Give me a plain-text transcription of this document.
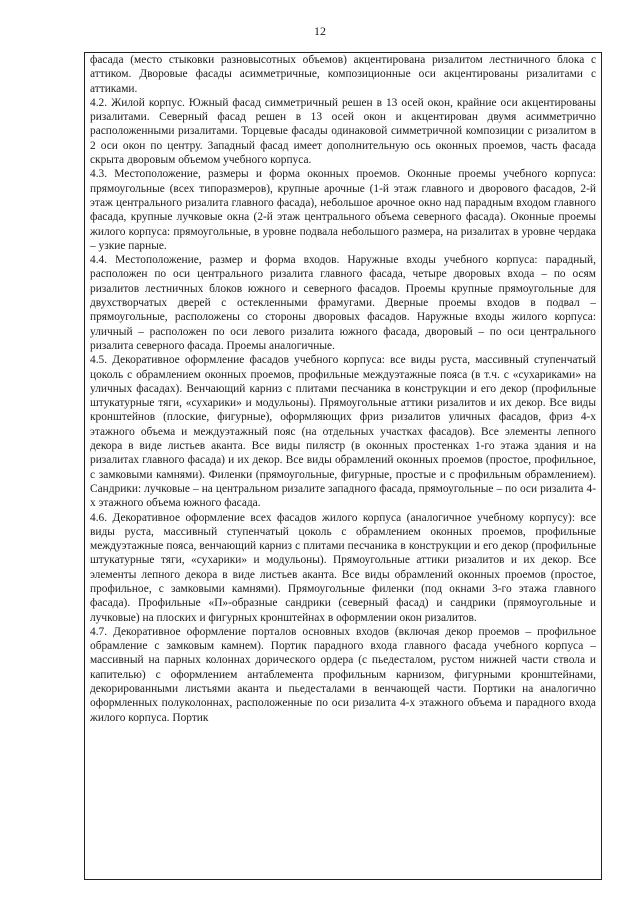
12

фасада (место стыковки разновысотных объемов) акцентирована ризалитом лестничного блока с аттиком. Дворовые фасады асимметричные, композиционные оси акцентированы ризалитами с аттиками.

4.2. Жилой корпус. Южный фасад симметричный решен в 13 осей окон, крайние оси акцентированы ризалитами. Северный фасад решен в 13 осей окон и акцентирован двумя асимметрично расположенными ризалитами. Торцевые фасады одинаковой симметричной композиции с ризалитом в 2 оси окон по центру. Западный фасад имеет дополнительную ось оконных проемов, часть фасада скрыта дворовым объемом учебного корпуса.

4.3. Местоположение, размеры и форма оконных проемов. Оконные проемы учебного корпуса: прямоугольные (всех типоразмеров), крупные арочные (1-й этаж главного и дворового фасадов, 2-й этаж центрального ризалита главного фасада), небольшое арочное окно над парадным входом главного фасада, крупные лучковые окна (2-й этаж центрального объема северного фасада). Оконные проемы жилого корпуса: прямоугольные, в уровне подвала небольшого размера, на ризалитах в уровне чердака – узкие парные.

4.4. Местоположение, размер и форма входов. Наружные входы учебного корпуса: парадный, расположен по оси центрального ризалита главного фасада, четыре дворовых входа – по осям ризалитов лестничных блоков южного и северного фасадов. Проемы крупные прямоугольные для двухстворчатых дверей с остекленными фрамугами. Дверные проемы входов в подвал – прямоугольные, расположены со стороны дворовых фасадов. Наружные входы жилого корпуса: уличный – расположен по оси левого ризалита южного фасада, дворовый – по оси центрального ризалита северного фасада. Проемы аналогичные.

4.5. Декоративное оформление фасадов учебного корпуса: все виды руста, массивный ступенчатый цоколь с обрамлением оконных проемов, профильные междуэтажные пояса (в т.ч. с «сухариками» на уличных фасадах). Венчающий карниз с плитами песчаника в конструкции и его декор (профильные штукатурные тяги, «сухарики» и модульоны). Прямоугольные аттики ризалитов и их декор. Все виды кронштейнов (плоские, фигурные), оформляющих фриз ризалитов уличных фасадов, фриз 4-х этажного объема и междуэтажный пояс (на отдельных участках фасадов). Все элементы лепного декора в виде листьев аканта. Все виды пилястр (в оконных простенках 1-го этажа здания и на ризалитах главного фасада) и их декор. Все виды обрамлений оконных проемов (простое, профильное, с замковыми камнями). Филенки (прямоугольные, фигурные, простые и с профильным обрамлением). Сандрики: лучковые – на центральном ризалите западного фасада, прямоугольные – по оси ризалита 4-х этажного объема южного фасада.

4.6. Декоративное оформление всех фасадов жилого корпуса (аналогичное учебному корпусу): все виды руста, массивный ступенчатый цоколь с обрамлением оконных проемов, профильные междуэтажные пояса, венчающий карниз с плитами песчаника в конструкции и его декор (профильные штукатурные тяги, «сухарики» и модульоны). Прямоугольные аттики ризалитов и их декор. Все элементы лепного декора в виде листьев аканта. Все виды обрамлений оконных проемов (простое, профильное, с замковыми камнями). Прямоугольные филенки (под окнами 3-го этажа главного фасада). Профильные «П»-образные сандрики (северный фасад) и сандрики (прямоугольные и лучковые) на плоских и фигурных кронштейнах в оформлении окон ризалитов.

4.7. Декоративное оформление порталов основных входов (включая декор проемов – профильное обрамление с замковым камнем). Портик парадного входа главного фасада учебного корпуса – массивный на парных колоннах дорического ордера (с пьедесталом, рустом нижней части ствола и капителью) с оформлением антаблемента профильным карнизом, фигурными кронштейнами, декорированными листьями аканта и пьедесталами в венчающей части. Портики на аналогично оформленных полуколоннах, расположенные по оси ризалита 4-х этажного объема и парадного входа жилого корпуса. Портик
